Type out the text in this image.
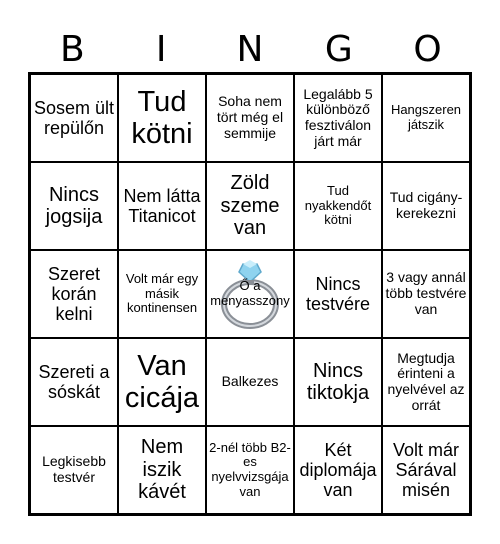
B	I	N	G	O
Sosem ült repülőn
Tud kötni
Soha nem tört még el semmije
Legalább 5 különböző fesztiválon járt már
Hangszeren játszik
Nincs jogsija
Nem látta Titanicot
Zöld szeme van
Tud nyakkendőt kötni
Tud cigány-kerekezni
Szeret korán kelni
Volt már egy másik kontinensen
Ő a menyasszony
Nincs testvére
3 vagy annál több testvére van
Szereti a sóskát
Van cicája
Balkezes	Nincs tiktokja
Megtudja érinteni a nyelvével az orrát
Legkisebb testvér
Nem iszik kávét
2-nél több B2-es nyelvvizsgája van
Két diplomája van
Volt már Sárával misén
